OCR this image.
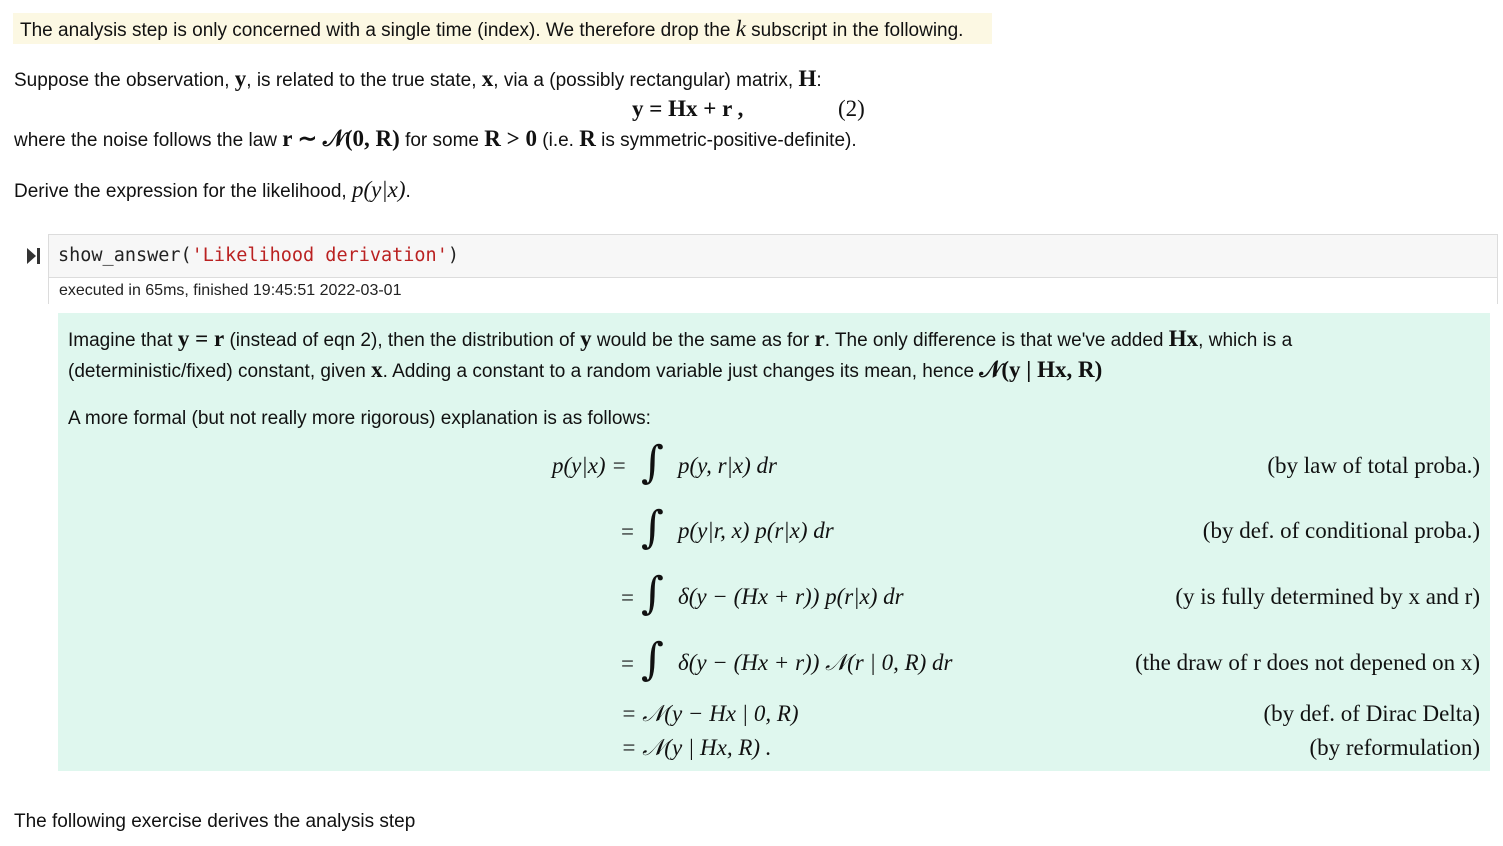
The analysis step is only concerned with a single time (index). We therefore drop the k subscript in the following.
Suppose the observation, y, is related to the true state, x, via a (possibly rectangular) matrix, H:
y = Hx + r ,	(2)
where the noise follows the law r ∼ 𝒩(0, R) for some R > 0 (i.e. R is symmetric-positive-definite).
Derive the expression for the likelihood, p(y|x).
show_answer('Likelihood derivation')
executed in 65ms, finished 19:45:51 2022-03-01
Imagine that y = r (instead of eqn 2), then the distribution of y would be the same as for r. The only difference is that we've added Hx, which is a
(deterministic/fixed) constant, given x. Adding a constant to a random variable just changes its mean, hence 𝒩(y | Hx, R)
A more formal (but not really more rigorous) explanation is as follows:
p(y|x) = ∫ p(y, r|x) dr	(by law of total proba.)
= ∫ p(y|r, x) p(r|x) dr	(by def. of conditional proba.)
= ∫ δ(y − (Hx + r)) p(r|x) dr	(y is fully determined by x and r)
= ∫ δ(y − (Hx + r)) 𝒩(r | 0, R) dr	(the draw of r does not depened on x)
= 𝒩(y − Hx | 0, R)	(by def. of Dirac Delta)
= 𝒩(y | Hx, R) .	(by reformulation)
The following exercise derives the analysis step
